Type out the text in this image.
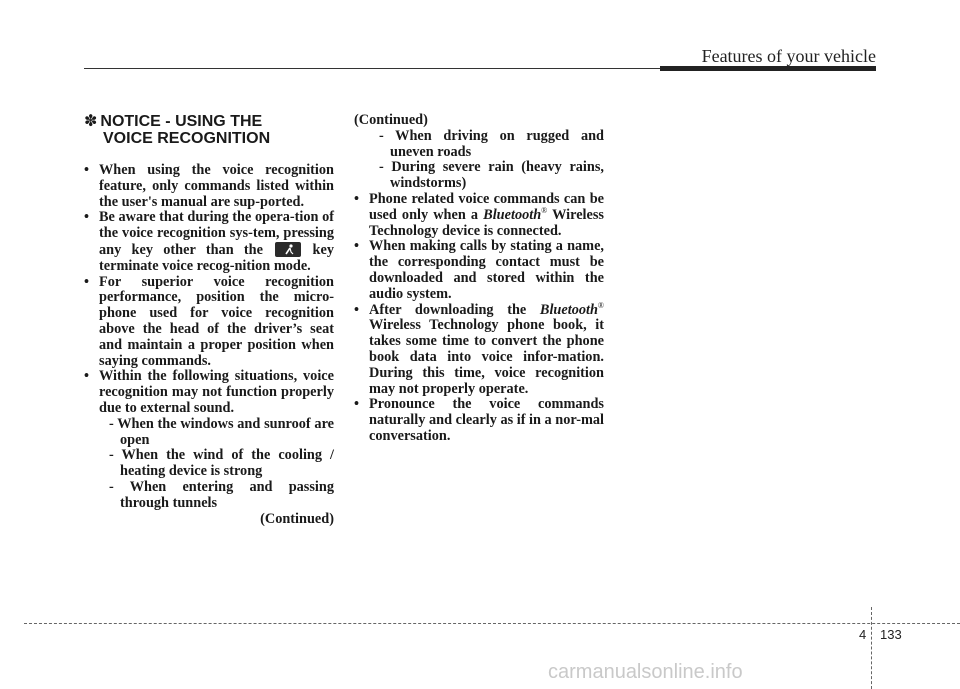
Features of your vehicle
✽ NOTICE - USING THE
VOICE RECOGNITION
• When using the voice recognition feature, only commands listed within the user's manual are sup-ported.
• Be aware that during the opera-tion of the voice recognition sys-tem, pressing any key other than the	key terminate voice recog-nition mode.
• For superior voice recognition performance, position the micro-phone used for voice recognition above the head of the driver’s seat and maintain a proper position when saying commands.
• Within the following situations, voice recognition may not function properly due to external sound.
- When the windows and sunroof are open
- When the wind of the cooling / heating device is strong
- When entering and passing through tunnels
(Continued)
(Continued)
- When driving on rugged and uneven roads
- During severe rain (heavy rains, windstorms)
• Phone related voice commands can be used only when a Bluetooth® Wireless Technology device is connected.
• When making calls by stating a name, the corresponding contact must be downloaded and stored within the audio system.
• After downloading the Bluetooth® Wireless Technology phone book, it takes some time to convert the phone book data into voice infor-mation. During this time, voice recognition may not properly operate.
• Pronounce the voice commands naturally and clearly as if in a nor-mal conversation.
4 133
carmanualsonline.info
